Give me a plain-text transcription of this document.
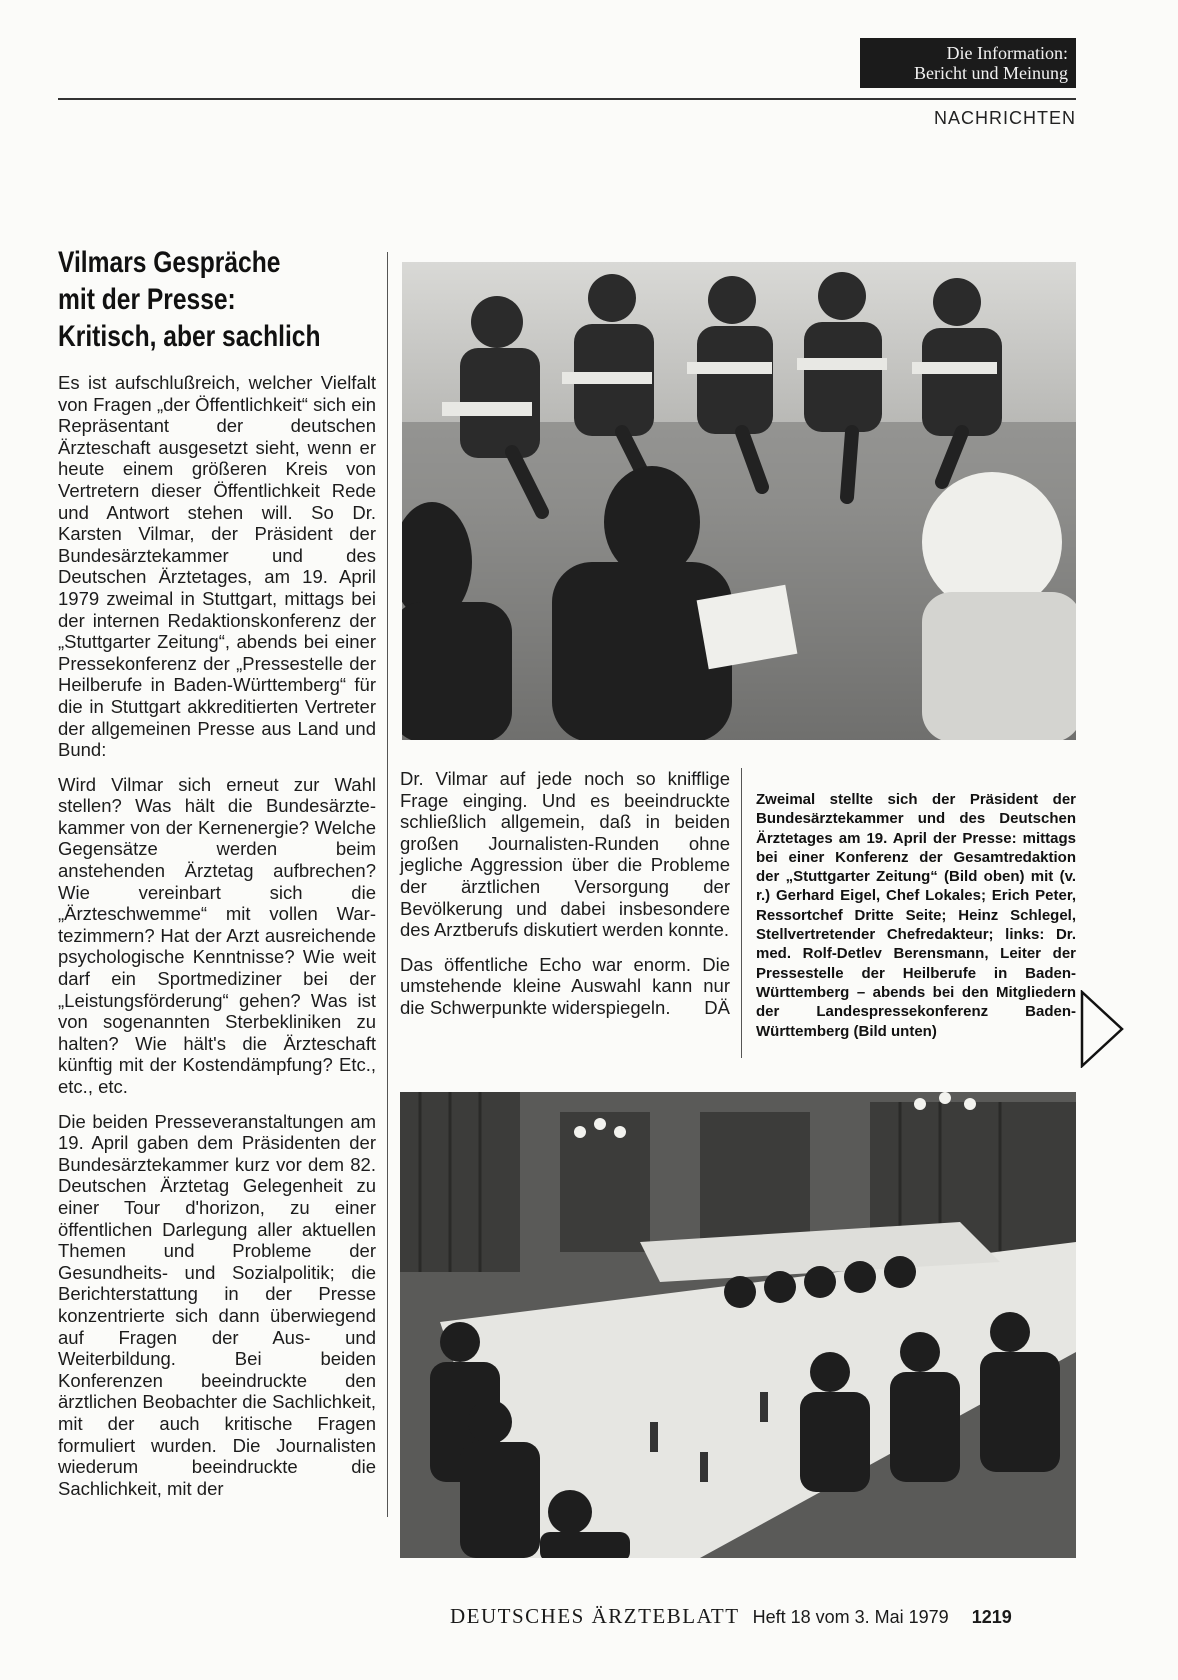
Die Information:
Bericht und Meinung
NACHRICHTEN
Vilmars Gespräche
mit der Presse:
Kritisch, aber sachlich

Es ist aufschlußreich, welcher Vielfalt von Fragen „der Öffentlichkeit“ sich ein Repräsentant der deutschen Ärzteschaft ausgesetzt sieht, wenn er heute einem größeren Kreis von Vertretern dieser Öffentlichkeit Rede und Antwort stehen will. So Dr. Karsten Vilmar, der Präsident der Bundesärztekammer und des Deutschen Ärztetages, am 19. April 1979 zweimal in Stuttgart, mittags bei der internen Redaktionskonferenz der „Stuttgarter Zeitung“, abends bei einer Pressekonferenz der „Pressestelle der Heilberufe in Baden-Württemberg“ für die in Stuttgart akkreditierten Vertreter der allgemeinen Presse aus Land und Bund:

Wird Vilmar sich erneut zur Wahl stellen? Was hält die Bundesärztekammer von der Kernenergie? Welche Gegensätze werden beim anstehenden Ärztetag aufbrechen? Wie vereinbart sich die „Ärzteschwemme“ mit vollen Wartezimmern? Hat der Arzt ausreichende psychologische Kenntnisse? Wie weit darf ein Sportmediziner bei der „Leistungsförderung“ gehen? Was ist von sogenannten Sterbekliniken zu halten? Wie hält's die Ärzteschaft künftig mit der Kostendämpfung? Etc., etc., etc.

Die beiden Presseveranstaltungen am 19. April gaben dem Präsidenten der Bundesärztekammer kurz vor dem 82. Deutschen Ärztetag Gelegenheit zu einer Tour d'horizon, zu einer öffentlichen Darlegung aller aktuellen Themen und Probleme der Gesundheits- und Sozialpolitik; die Berichterstattung in der Presse konzentrierte sich dann überwiegend auf Fragen der Aus- und Weiterbildung. Bei beiden Konferenzen beeindruckte den ärztlichen Beobachter die Sachlichkeit, mit der auch kritische Fragen formuliert wurden. Die Journalisten wiederum beeindruckte die Sachlichkeit, mit der

Dr. Vilmar auf jede noch so knifflige Frage einging. Und es beeindruckte schließlich allgemein, daß in beiden großen Journalisten-Runden ohne jegliche Aggression über die Probleme der ärztlichen Versorgung der Bevölkerung und dabei insbesondere des Arztberufs diskutiert werden konnte.

Das öffentliche Echo war enorm. Die umstehende kleine Auswahl kann nur die Schwerpunkte widerspiegeln. DÄ

Zweimal stellte sich der Präsident der Bundesärztekammer und des Deutschen Ärztetages am 19. April der Presse: mittags bei einer Konferenz der Gesamtredaktion der „Stuttgarter Zeitung“ (Bild oben) mit (v. r.) Gerhard Eigel, Chef Lokales; Erich Peter, Ressortchef Dritte Seite; Heinz Schlegel, Stellvertretender Chefredakteur; links: Dr. med. Rolf-Detlev Berensmann, Leiter der Pressestelle der Heilberufe in Baden-Württemberg – abends bei den Mitgliedern der Landespressekonferenz Baden-Württemberg (Bild unten)
DEUTSCHES ÄRZTEBLATT Heft 18 vom 3. Mai 1979 1219
